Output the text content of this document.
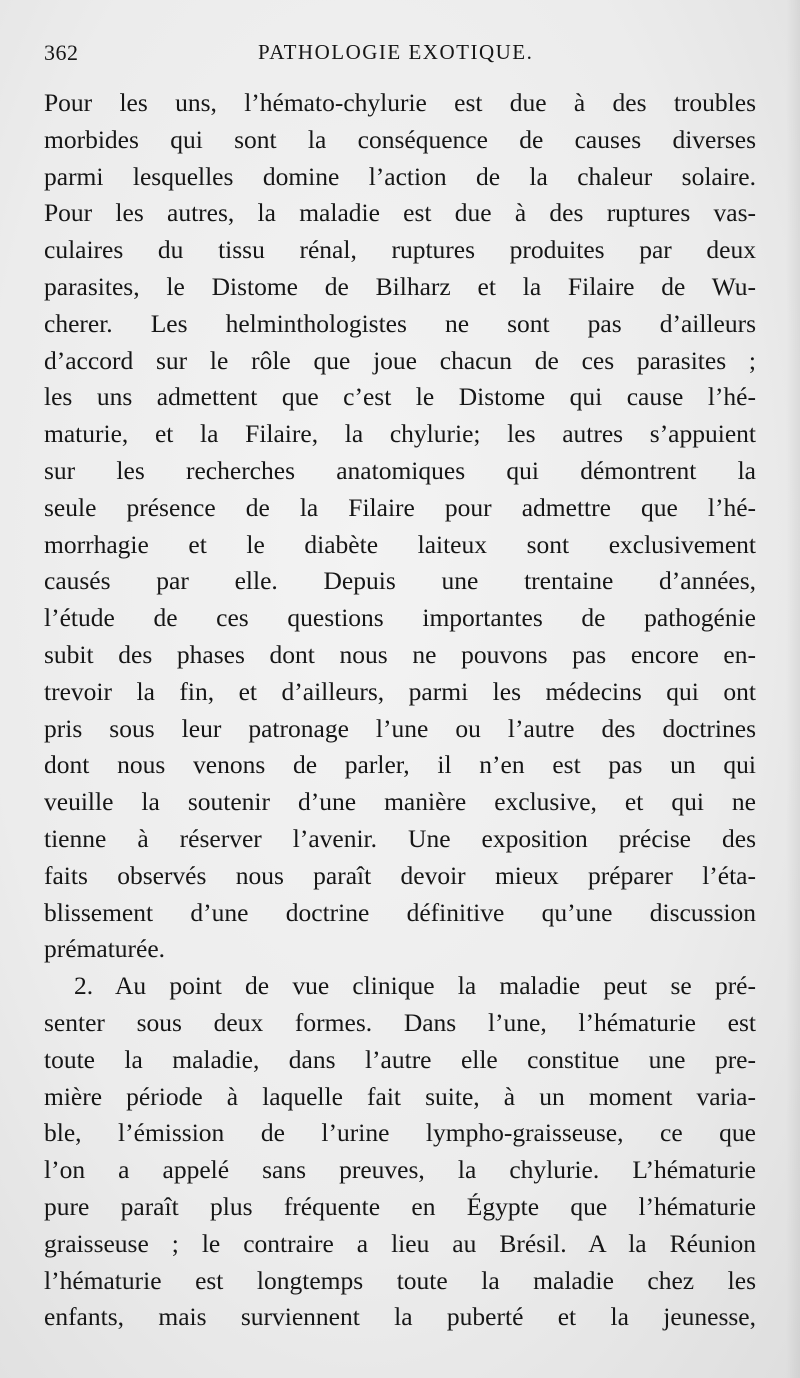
362	PATHOLOGIE EXOTIQUE.
Pour les uns, l’hémato-chylurie est due à des troubles
morbides qui sont la conséquence de causes diverses
parmi lesquelles domine l’action de la chaleur solaire.
Pour les autres, la maladie est due à des ruptures vas-
culaires du tissu rénal, ruptures produites par deux
parasites, le Distome de Bilharz et la Filaire de Wu-
cherer. Les helminthologistes ne sont pas d’ailleurs
d’accord sur le rôle que joue chacun de ces parasites ;
les uns admettent que c’est le Distome qui cause l’hé-
maturie, et la Filaire, la chylurie; les autres s’appuient
sur les recherches anatomiques qui démontrent la
seule présence de la Filaire pour admettre que l’hé-
morrhagie et le diabète laiteux sont exclusivement
causés par elle. Depuis une trentaine d’années,
l’étude de ces questions importantes de pathogénie
subit des phases dont nous ne pouvons pas encore en-
trevoir la fin, et d’ailleurs, parmi les médecins qui ont
pris sous leur patronage l’une ou l’autre des doctrines
dont nous venons de parler, il n’en est pas un qui
veuille la soutenir d’une manière exclusive, et qui ne
tienne à réserver l’avenir. Une exposition précise des
faits observés nous paraît devoir mieux préparer l’éta-
blissement d’une doctrine définitive qu’une discussion
prématurée.
2. Au point de vue clinique la maladie peut se pré-
senter sous deux formes. Dans l’une, l’hématurie est
toute la maladie, dans l’autre elle constitue une pre-
mière période à laquelle fait suite, à un moment varia-
ble, l’émission de l’urine lympho-graisseuse, ce que
l’on a appelé sans preuves, la chylurie. L’hématurie
pure paraît plus fréquente en Égypte que l’hématurie
graisseuse ; le contraire a lieu au Brésil. A la Réunion
l’hématurie est longtemps toute la maladie chez les
enfants, mais surviennent la puberté et la jeunesse,
